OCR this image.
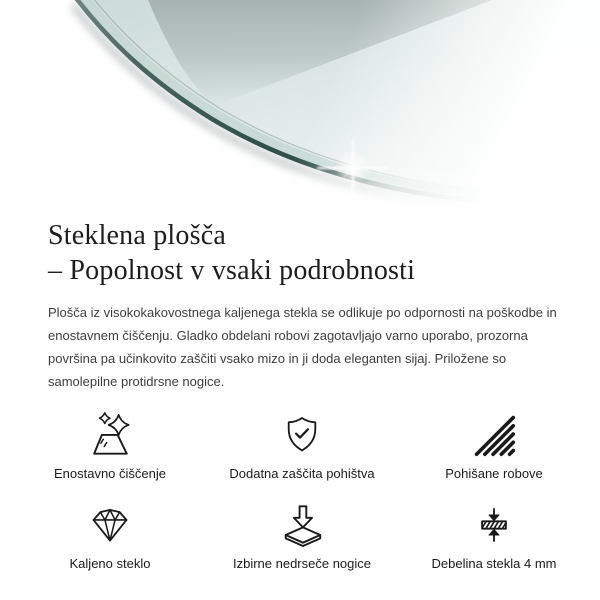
Steklena plošča
– Popolnost v vsaki podrobnosti

Plošča iz visokokakovostnega kaljenega stekla se odlikuje po odpornosti na poškodbe in enostavnem čiščenju. Gladko obdelani robovi zagotavljajo varno uporabo, prozorna površina pa učinkovito zaščiti vsako mizo in ji doda eleganten sijaj. Priložene so samolepilne protidrsne nogice.

Enostavno čiščenje	Dodatna zaščita pohištva	Pohišane robove
Kaljeno steklo	Izbirne nedrseče nogice	Debelina stekla 4 mm
